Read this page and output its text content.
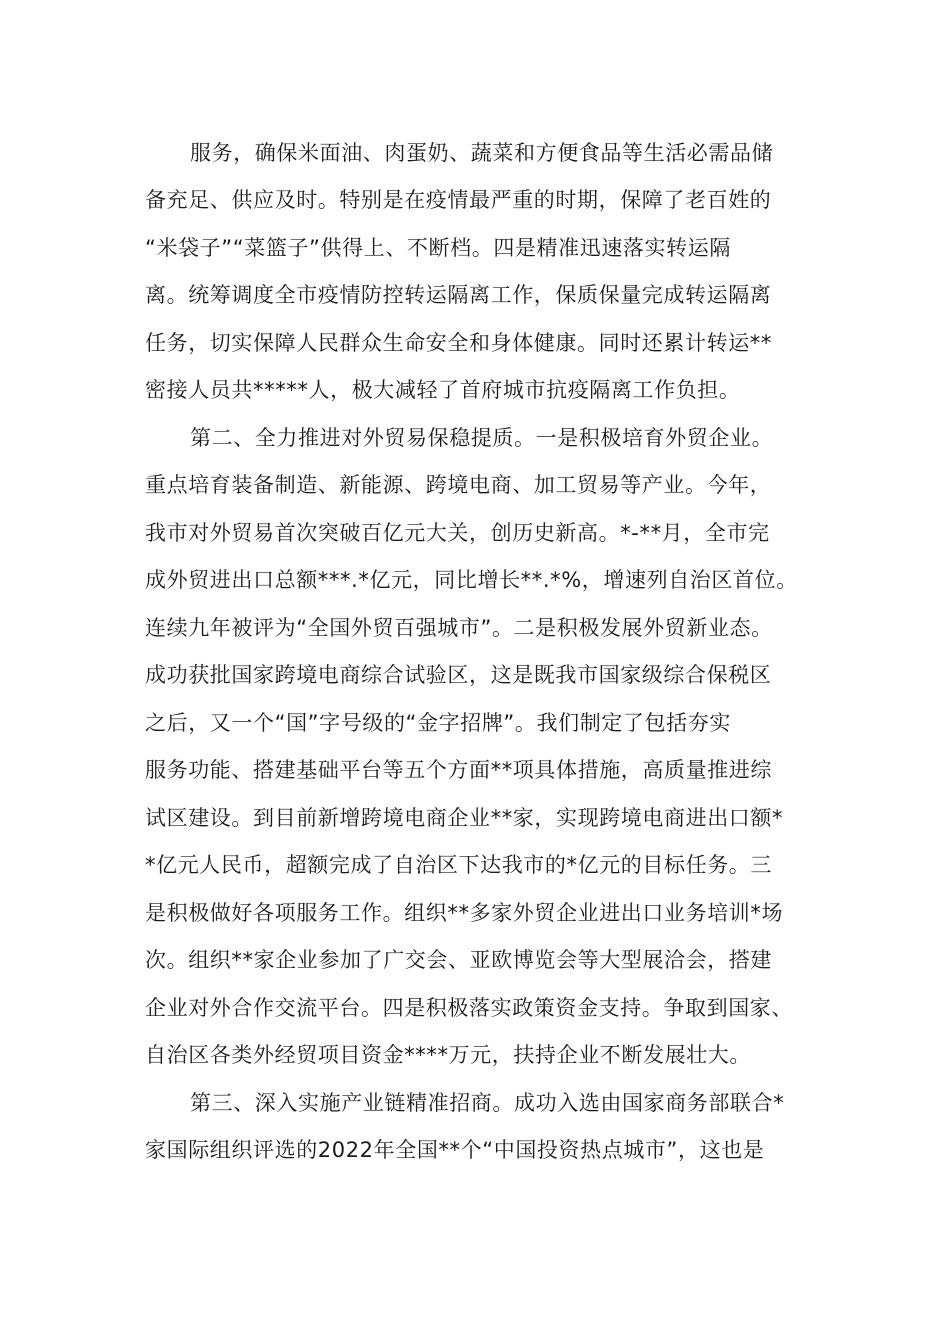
服务，确保米面油、肉蛋奶、蔬菜和方便食品等生活必需品储
备充足、供应及时。特别是在疫情最严重的时期，保障了老百姓的
“米袋子”“菜篮子”供得上、不断档。四是精准迅速落实转运隔
离。统筹调度全市疫情防控转运隔离工作，保质保量完成转运隔离
任务，切实保障人民群众生命安全和身体健康。同时还累计转运**
密接人员共*****人，极大减轻了首府城市抗疫隔离工作负担。
第二、全力推进对外贸易保稳提质。一是积极培育外贸企业。
重点培育装备制造、新能源、跨境电商、加工贸易等产业。今年，
我市对外贸易首次突破百亿元大关，创历史新高。*-**月，全市完
成外贸进出口总额***.*亿元，同比增长**.*%，增速列自治区首位。
连续九年被评为“全国外贸百强城市”。二是积极发展外贸新业态。
成功获批国家跨境电商综合试验区，这是既我市国家级综合保税区
之后，又一个“国”字号级的“金字招牌”。我们制定了包括夯实
服务功能、搭建基础平台等五个方面**项具体措施，高质量推进综
试区建设。到目前新增跨境电商企业**家，实现跨境电商进出口额*
*亿元人民币，超额完成了自治区下达我市的*亿元的目标任务。三
是积极做好各项服务工作。组织**多家外贸企业进出口业务培训*场
次。组织**家企业参加了广交会、亚欧博览会等大型展洽会，搭建
企业对外合作交流平台。四是积极落实政策资金支持。争取到国家、
自治区各类外经贸项目资金****万元，扶持企业不断发展壮大。
第三、深入实施产业链精准招商。成功入选由国家商务部联合*
家国际组织评选的2022年全国**个“中国投资热点城市”，这也是
